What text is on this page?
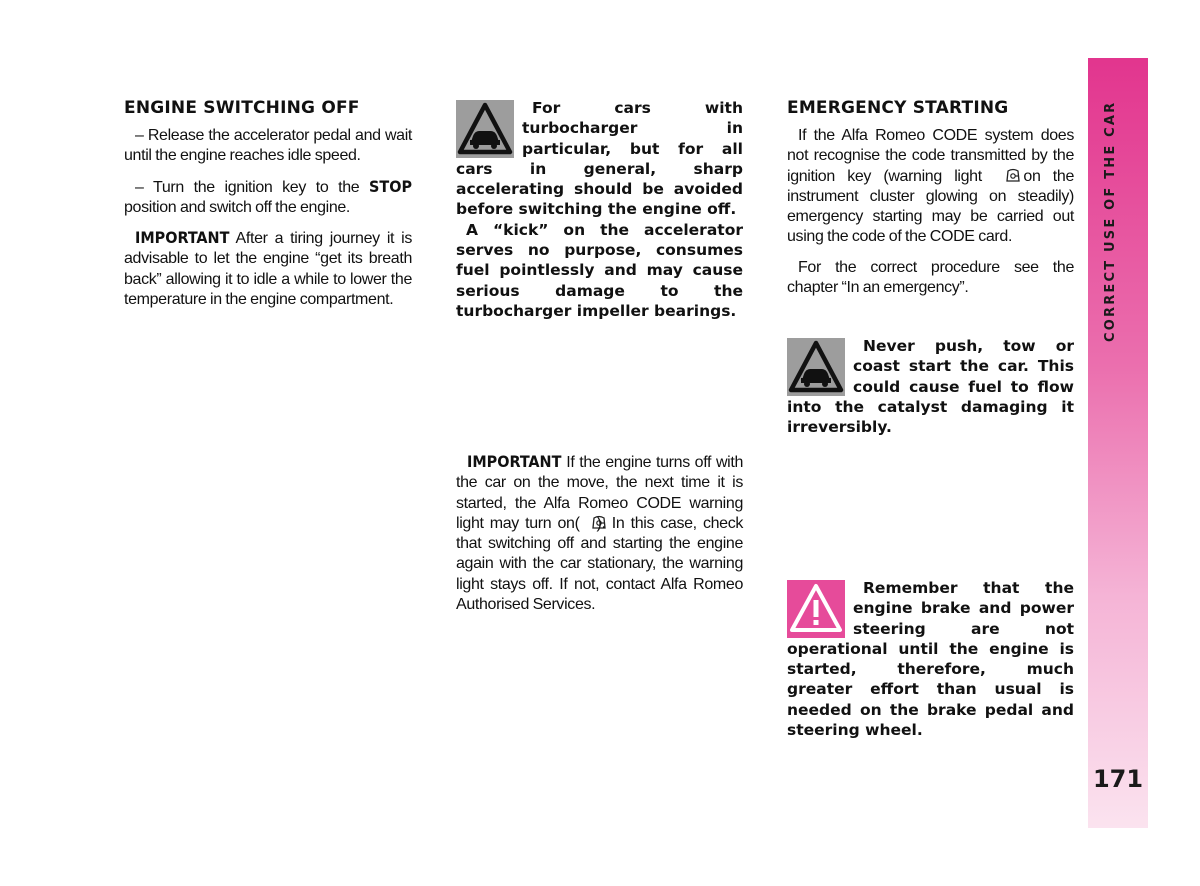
ENGINE SWITCHING OFF

– Release the accelerator pedal and wait until the engine reaches idle speed.

– Turn the ignition key to the STOP position and switch off the engine.

IMPORTANT After a tiring journey it is advisable to let the engine “get its breath back” allowing it to idle a while to lower the temperature in the engine compartment.

For cars with turbocharger in particular, but for all cars in general, sharp accelerating should be avoided before switching the engine off.

A “kick” on the accelerator serves no purpose, consumes fuel pointlessly and may cause serious damage to the turbocharger impeller bearings.

IMPORTANT If the engine turns off with the car on the move, the next time it is started, the Alfa Romeo CODE warning light may turn on( ). In this case, check that switching off and starting the engine again with the car stationary, the warning light stays off. If not, contact Alfa Romeo Authorised Services.

EMERGENCY STARTING

If the Alfa Romeo CODE system does not recognise the code transmitted by the ignition key (warning light  on the instrument cluster glowing on steadily) emergency starting may be carried out using the code of the CODE card.

For the correct procedure see the chapter “In an emergency”.

Never push, tow or coast start the car. This could cause fuel to flow into the catalyst damaging it irreversibly.

Remember that the engine brake and power steering are not operational until the engine is started, therefore, much greater effort than usual is needed on the brake pedal and steering wheel.

CORRECT USE OF THE CAR
171
